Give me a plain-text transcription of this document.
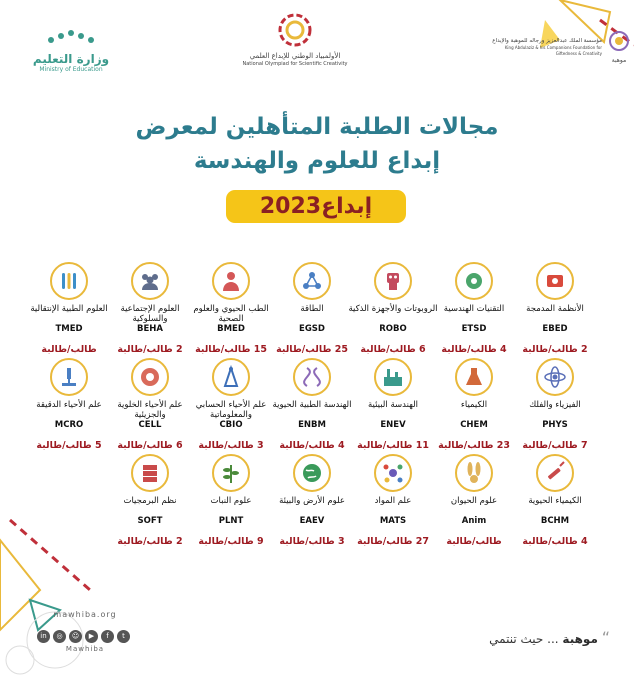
وزارة التعليم
Ministry of Education
الأولمبياد الوطني للإبداع العلمي
National Olympiad for Scientific Creativity
مؤسسة الملك عبدالعزيز ورجاله للموهبة والإبداع
King Abdulaziz & his Companions Foundation for Giftedness & Creativity
موهبة
مجالات الطلبة المتأهلين لمعرض
إبداع للعلوم والهندسة
إبداع2023
الأنظمة المدمجة
EBED
2 طالب/طالبة
التقنيات الهندسية
ETSD
4 طالب/طالبة
الروبوتات والأجهزة الذكية
ROBO
6 طالب/طالبة
الطاقة
EGSD
25 طالب/طالبة
الطب الحيوي والعلوم الصحية
BMED
15 طالب/طالبة
العلوم الإجتماعية والسلوكية
BEHA
2 طالب/طالبة
العلوم الطبية الإنتقالية
TMED
طالب/طالبة
الفيزياء والفلك
PHYS
7 طالب/طالبة
الكيمياء
CHEM
23 طالب/طالبة
الهندسة البيئية
ENEV
11 طالب/طالبة
الهندسة الطبية الحيوية
ENBM
4 طالب/طالبة
علم الأحياء الحسابي والمعلوماتية
CBIO
3 طالب/طالبة
علم الأحياء الخلوية والجزيئية
CELL
6 طالب/طالبة
علم الأحياء الدقيقة
MCRO
5 طالب/طالبة
الكيمياء الحيوية
BCHM
4 طالب/طالبة
علوم الحيوان
Anim
طالب/طالبة
علم المواد
MATS
27 طالب/طالبة
علوم الأرض والبيئة
EAEV
3 طالب/طالبة
علوم النبات
PLNT
9 طالب/طالبة
نظم البرمجيات
SOFT
2 طالب/طالبة
mawhiba.org
in ◎ ☺ ▶ f t
Mawhiba
“ موهبة ... حيث تنتمي
